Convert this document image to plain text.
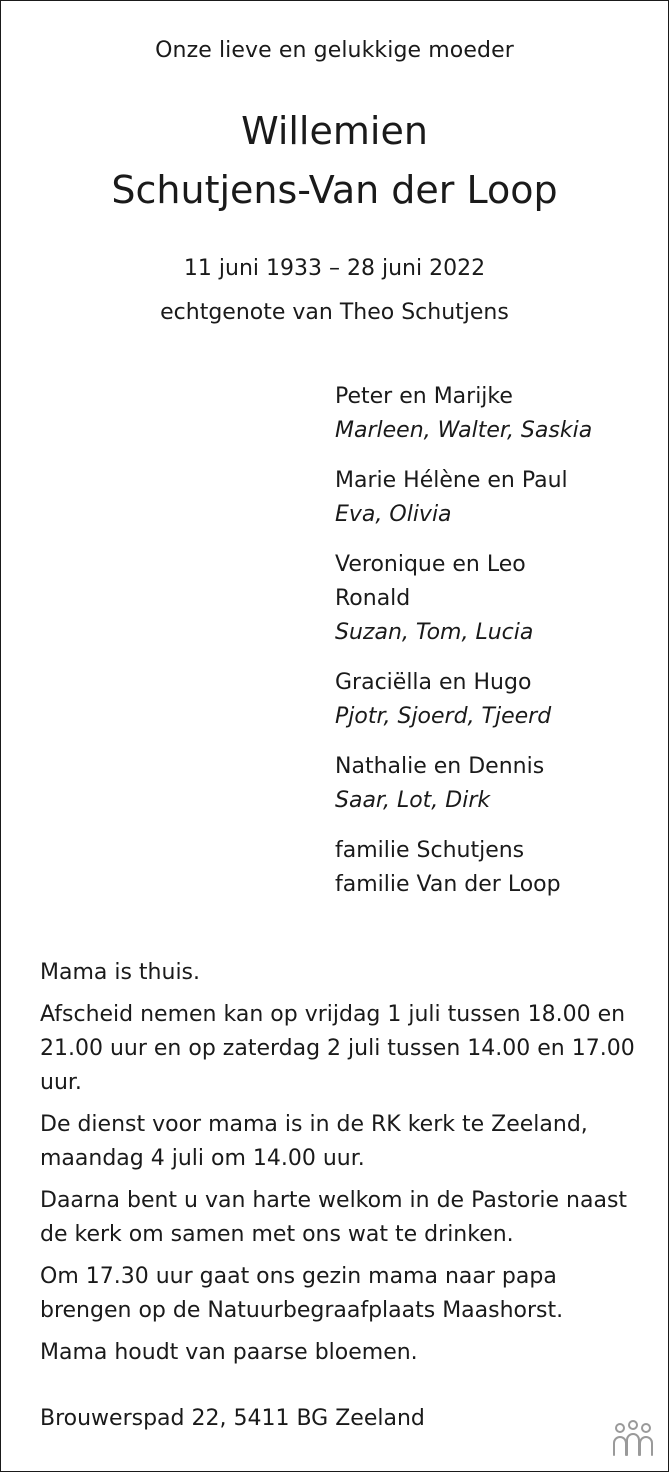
Onze lieve en gelukkige moeder

Willemien
Schutjens-Van der Loop

11 juni 1933 – 28 juni 2022

echtgenote van Theo Schutjens

Peter en Marijke
Marleen, Walter, Saskia
Marie Hélène en Paul
Eva, Olivia
Veronique en Leo
Ronald
Suzan, Tom, Lucia
Graciëlla en Hugo
Pjotr, Sjoerd, Tjeerd
Nathalie en Dennis
Saar, Lot, Dirk
familie Schutjens
familie Van der Loop

Mama is thuis.

Afscheid nemen kan op vrijdag 1 juli tussen 18.00 en 21.00 uur en op zaterdag 2 juli tussen 14.00 en 17.00 uur.

De dienst voor mama is in de RK kerk te Zeeland, maandag 4 juli om 14.00 uur.

Daarna bent u van harte welkom in de Pastorie naast de kerk om samen met ons wat te drinken.

Om 17.30 uur gaat ons gezin mama naar papa brengen op de Natuurbegraafplaats Maashorst.

Mama houdt van paarse bloemen.

Brouwerspad 22, 5411 BG Zeeland
